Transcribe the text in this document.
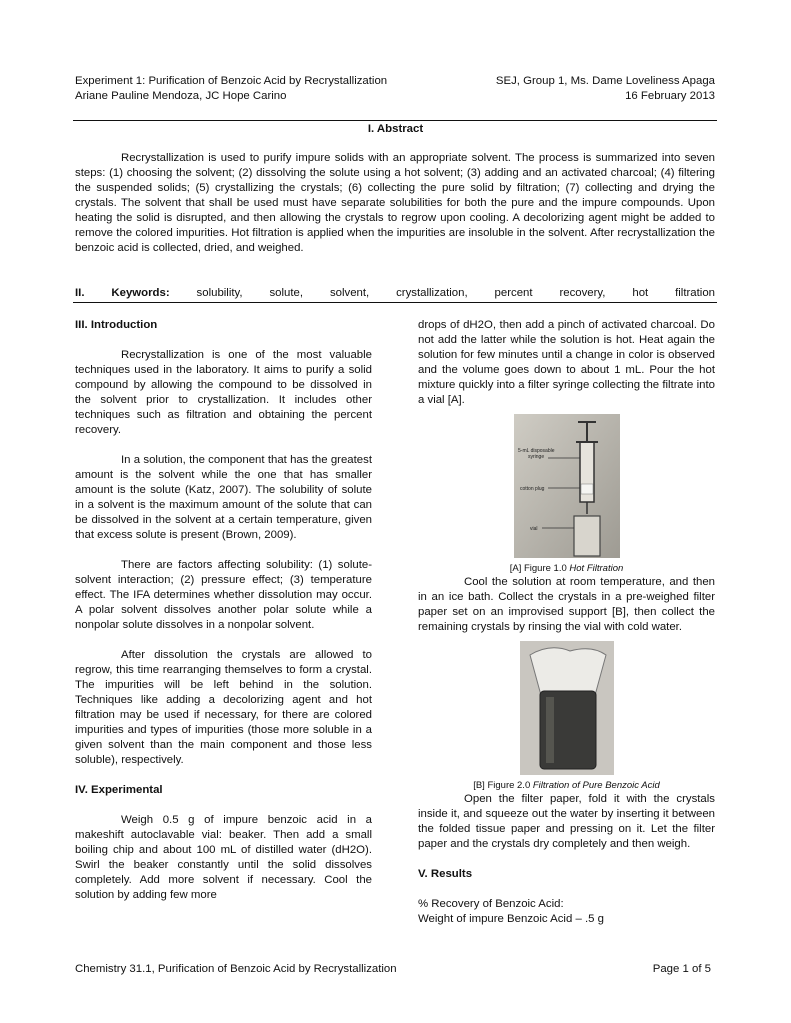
Experiment 1: Purification of Benzoic Acid by Recrystallization	SEJ, Group 1, Ms. Dame Loveliness Apaga
Ariane Pauline Mendoza, JC Hope Carino	16 February 2013
I. Abstract

Recrystallization is used to purify impure solids with an appropriate solvent. The process is summarized into seven steps: (1) choosing the solvent; (2) dissolving the solute using a hot solvent; (3) adding and an activated charcoal; (4) filtering the suspended solids; (5) crystallizing the crystals; (6) collecting the pure solid by filtration; (7) collecting and drying the crystals. The solvent that shall be used must have separate solubilities for both the pure and the impure compounds. Upon heating the solid is disrupted, and then allowing the crystals to regrow upon cooling. A decolorizing agent might be added to remove the colored impurities. Hot filtration is applied when the impurities are insoluble in the solvent. After recrystallization the benzoic acid is collected, dried, and weighed.

II. Keywords: solubility, solute, solvent, crystallization, percent recovery, hot filtration

III. Introduction

Recrystallization is one of the most valuable techniques used in the laboratory. It aims to purify a solid compound by allowing the compound to be dissolved in the solvent prior to crystallization. It includes other techniques such as filtration and obtaining the percent recovery.

In a solution, the component that has the greatest amount is the solvent while the one that has smaller amount is the solute (Katz, 2007). The solubility of solute in a solvent is the maximum amount of the solute that can be dissolved in the solvent at a certain temperature, given that excess solute is present (Brown, 2009).

There are factors affecting solubility: (1) solute-solvent interaction; (2) pressure effect; (3) temperature effect. The IFA determines whether dissolution may occur. A polar solvent dissolves another polar solute while a nonpolar solute dissolves in a nonpolar solvent.

After dissolution the crystals are allowed to regrow, this time rearranging themselves to form a crystal. The impurities will be left behind in the solution. Techniques like adding a decolorizing agent and hot filtration may be used if necessary, for there are colored impurities and types of impurities (those more soluble in a given solvent than the main component and those less soluble), respectively.

IV. Experimental

Weigh 0.5 g of impure benzoic acid in a makeshift autoclavable vial: beaker. Then add a small boiling chip and about 100 mL of distilled water (dH2O). Swirl the beaker constantly until the solid dissolves completely. Add more solvent if necessary. Cool the solution by adding few more

drops of dH2O, then add a pinch of activated charcoal. Do not add the latter while the solution is hot. Heat again the solution for few minutes until a change in color is observed and the volume goes down to about 1 mL. Pour the hot mixture quickly into a filter syringe collecting the filtrate into a vial [A].

5-mL disposable
syringe
cotton plug
vial
[A] Figure 1.0 Hot Filtration

Cool the solution at room temperature, and then in an ice bath. Collect the crystals in a pre-weighed filter paper set on an improvised support [B], then collect the remaining crystals by rinsing the vial with cold water.

[B] Figure 2.0 Filtration of Pure Benzoic Acid

Open the filter paper, fold it with the crystals inside it, and squeeze out the water by inserting it between the folded tissue paper and pressing on it. Let the filter paper and the crystals dry completely and then weigh.

V. Results

% Recovery of Benzoic Acid:

Weight of impure Benzoic Acid – .5 g

Chemistry 31.1, Purification of Benzoic Acid by Recrystallization	Page 1 of 5
